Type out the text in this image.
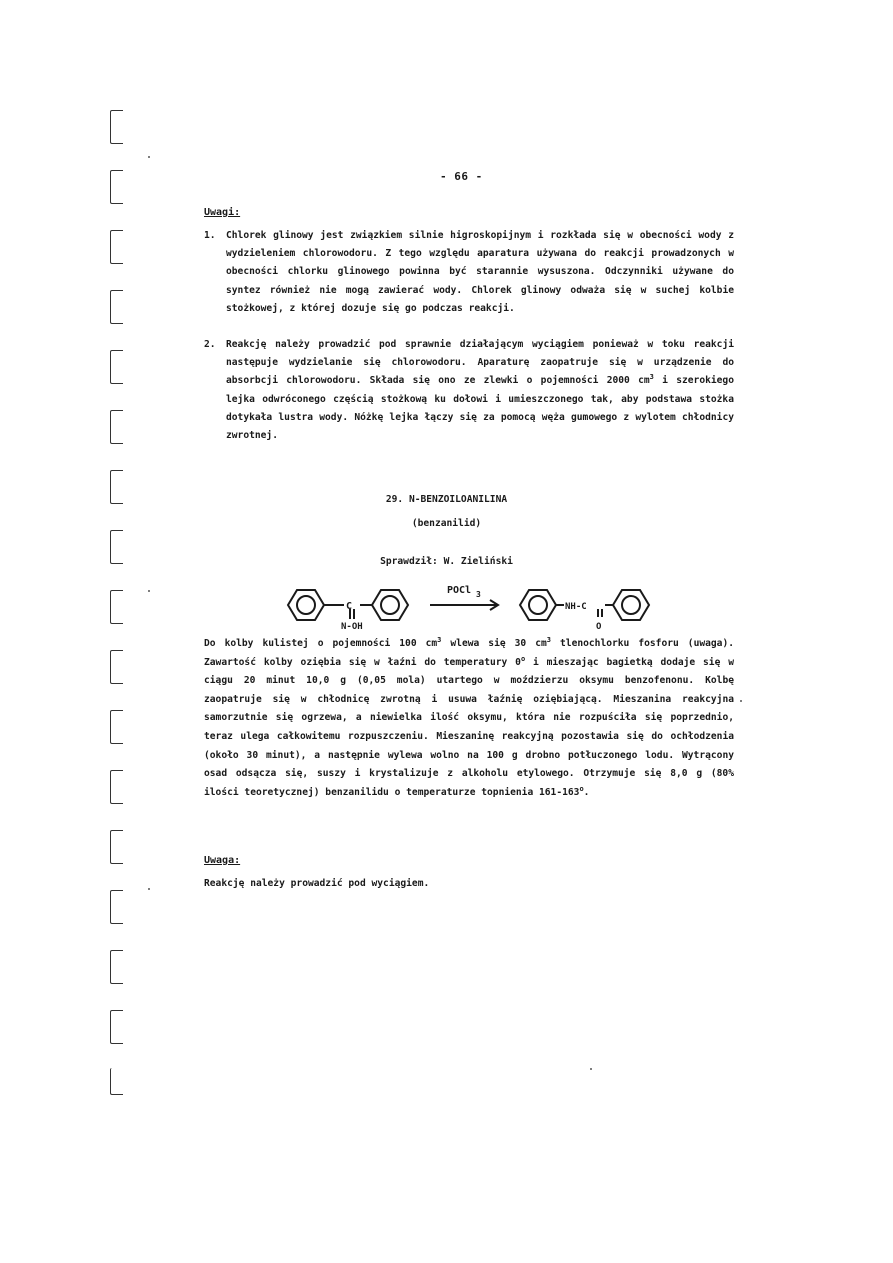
- 66 -
Uwagi:
1. Chlorek glinowy jest związkiem silnie higroskopijnym i rozkłada się w obecności wody z wydzieleniem chlorowodoru. Z tego względu aparatura używana do reakcji prowadzonych w obecności chlorku glinowego powinna być starannie wysuszona. Odczynniki używane do syntez również nie mogą zawierać wody. Chlorek glinowy odważa się w suchej kolbie stożkowej, z której dozuje się go podczas reakcji.
2. Reakcję należy prowadzić pod sprawnie działającym wyciągiem ponieważ w toku reakcji następuje wydzielanie się chlorowodoru. Aparaturę zaopatruje się w urządzenie do absorbcji chlorowodoru. Składa się ono ze zlewki o pojemności 2000 $cm^3$ i szerokiego lejka odwróconego częścią stożkową ku dołowi i umieszczonego tak, aby podstawa stożka dotykała lustra wody. Nóżkę lejka łączy się za pomocą węża gumowego z wylotem chłodnicy zwrotnej.
29. N-BENZOILOANILINA
(benzanilid)
Sprawdził: W. Zieliński
C
N-OH
POCl 3
NH-C
O
Do kolby kulistej o pojemności 100 $cm^3$ wlewa się 30 $cm^3$ tlenochlorku fosforu (uwaga). Zawartość kolby oziębia się w łaźni do temperatury 0$^o$ i mieszając bagietką dodaje się w ciągu 20 minut 10,0 g (0,05 mola) utartego w moździerzu oksymu benzofenonu. Kolbę zaopatruje się w chłodnicę zwrotną i usuwa łaźnię oziębiającą. Mieszanina reakcyjna samorzutnie się ogrzewa, a niewielka ilość oksymu, która nie rozpuściła się poprzednio, teraz ulega całkowitemu rozpuszczeniu. Mieszaninę reakcyjną pozostawia się do ochłodzenia (około 30 minut), a następnie wylewa wolno na 100 g drobno potłuczonego lodu. Wytrącony osad odsącza się, suszy i krystalizuje z alkoholu etylowego. Otrzymuje się 8,0 g (80% ilości teoretycznej) benzanilidu o temperaturze topnienia 161-163$^o$.
Uwaga:
Reakcję należy prowadzić pod wyciągiem.
